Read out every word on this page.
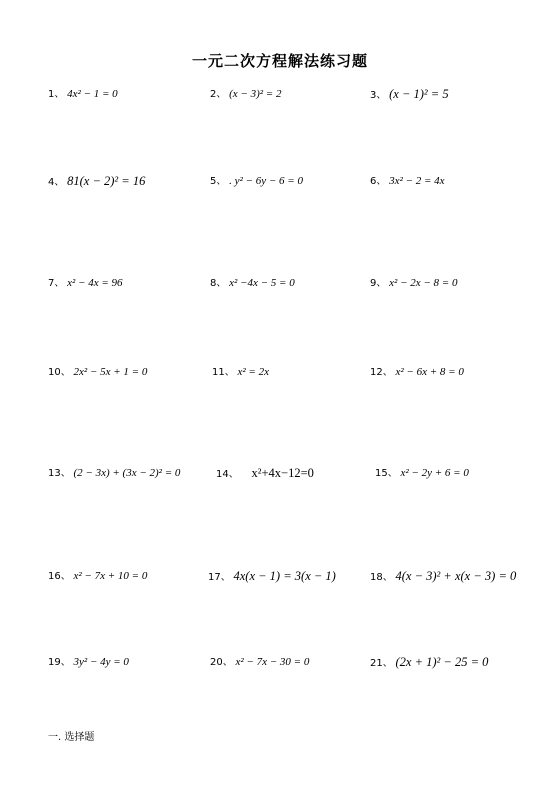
一元二次方程解法练习题
1、 4x² − 1 = 0	2、 (x − 3)² = 2	3、 (x − 1)² = 5
4、 81(x − 2)² = 16	5、 . y² − 6y − 6 = 0	6、 3x² − 2 = 4x
7、 x² − 4x = 96	8、 x² −4x − 5 = 0	9、 x² − 2x − 8 = 0
10、 2x² − 5x + 1 = 0	11、 x² = 2x	12、 x² − 6x + 8 = 0
13、 (2 − 3x) + (3x − 2)² = 0	14、 x²+4x−12=0	15、 x² − 2y + 6 = 0
16、 x² − 7x + 10 = 0	17、 4x(x − 1) = 3(x − 1)	18、 4(x − 3)² + x(x − 3) = 0
19、 3y² − 4y = 0	20、 x² − 7x − 30 = 0	21、 (2x + 1)² − 25 = 0
一. 选择题
